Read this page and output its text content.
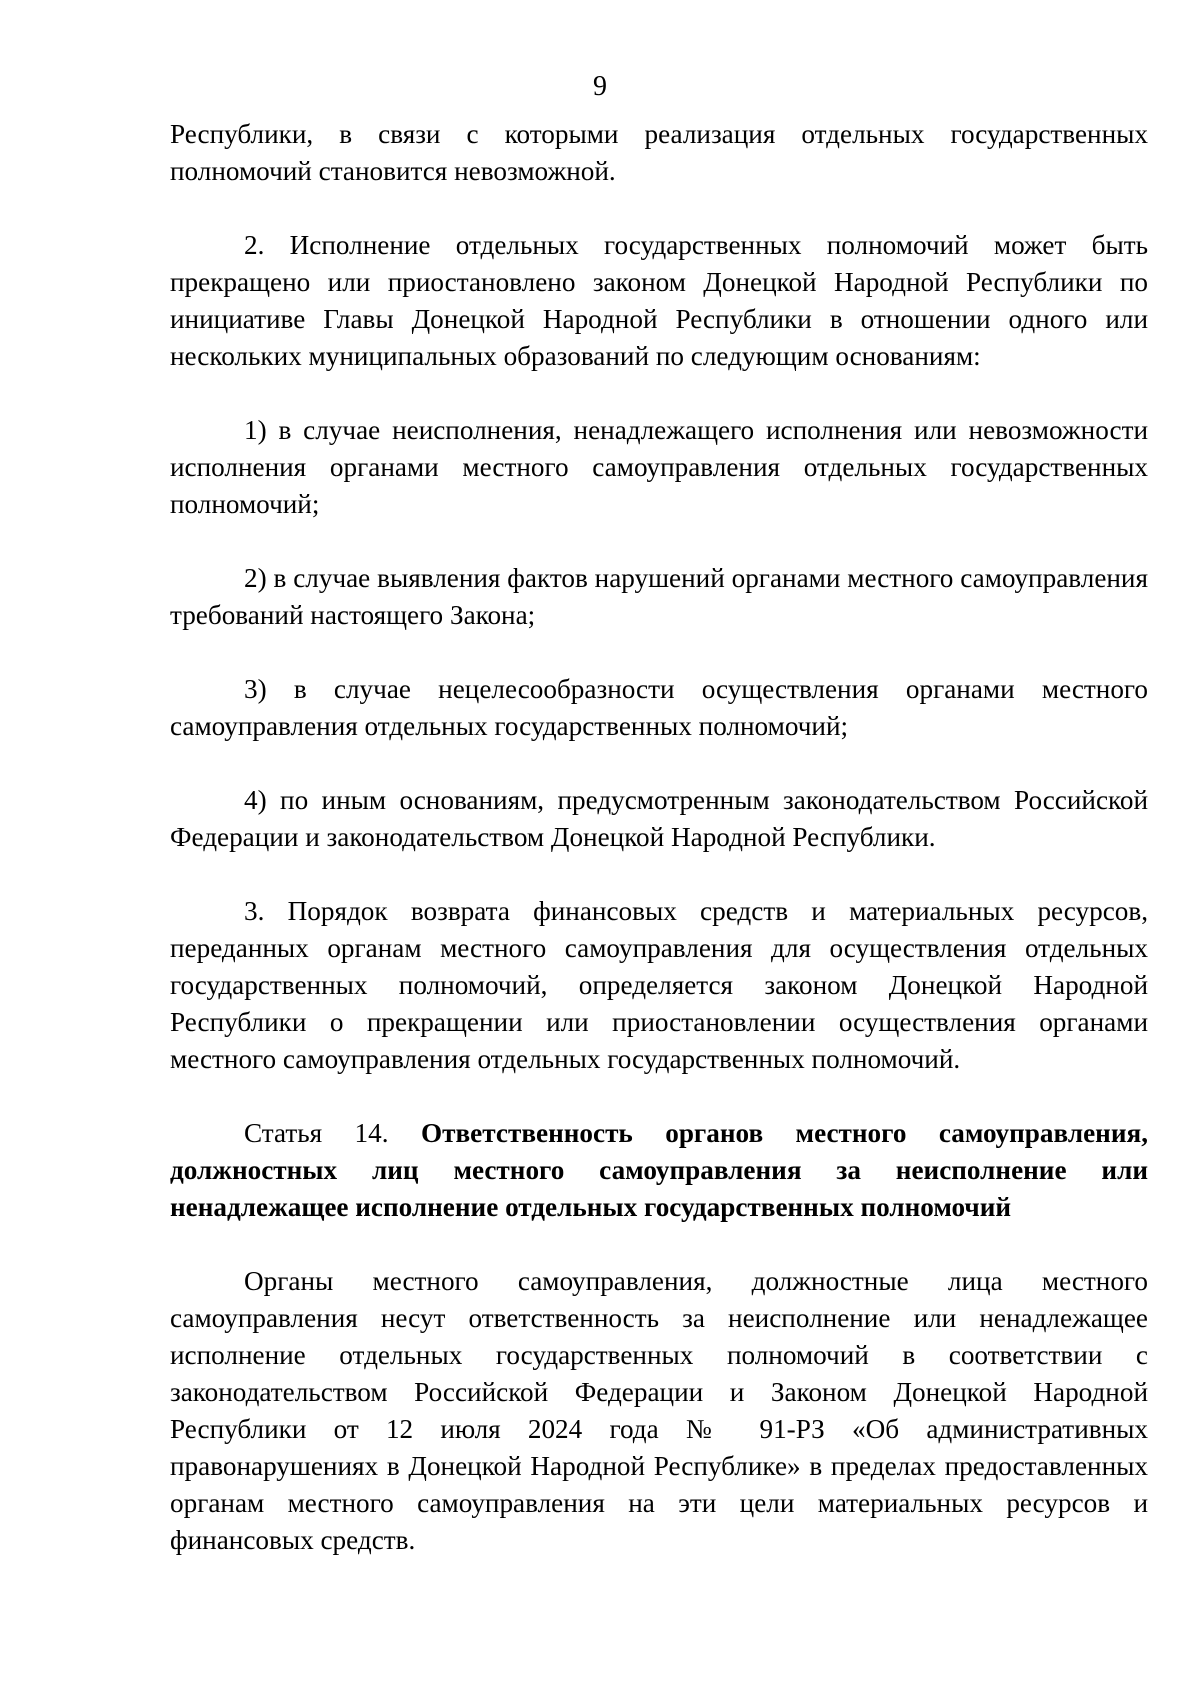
9

Республики, в связи с которыми реализация отдельных государственных полномочий становится невозможной.

2. Исполнение отдельных государственных полномочий может быть прекращено или приостановлено законом Донецкой Народной Республики по инициативе Главы Донецкой Народной Республики в отношении одного или нескольких муниципальных образований по следующим основаниям:

1) в случае неисполнения, ненадлежащего исполнения или невозможности исполнения органами местного самоуправления отдельных государственных полномочий;

2) в случае выявления фактов нарушений органами местного самоуправления требований настоящего Закона;

3) в случае нецелесообразности осуществления органами местного самоуправления отдельных государственных полномочий;

4) по иным основаниям, предусмотренным законодательством Российской Федерации и законодательством Донецкой Народной Республики.

3. Порядок возврата финансовых средств и материальных ресурсов, переданных органам местного самоуправления для осуществления отдельных государственных полномочий, определяется законом Донецкой Народной Республики о прекращении или приостановлении осуществления органами местного самоуправления отдельных государственных полномочий.

Статья 14. Ответственность органов местного самоуправления, должностных лиц местного самоуправления за неисполнение или ненадлежащее исполнение отдельных государственных полномочий

Органы местного самоуправления, должностные лица местного самоуправления несут ответственность за неисполнение или ненадлежащее исполнение отдельных государственных полномочий в соответствии с законодательством Российской Федерации и Законом Донецкой Народной Республики от 12 июля 2024 года № 91-РЗ «Об административных правонарушениях в Донецкой Народной Республике» в пределах предоставленных органам местного самоуправления на эти цели материальных ресурсов и финансовых средств.
